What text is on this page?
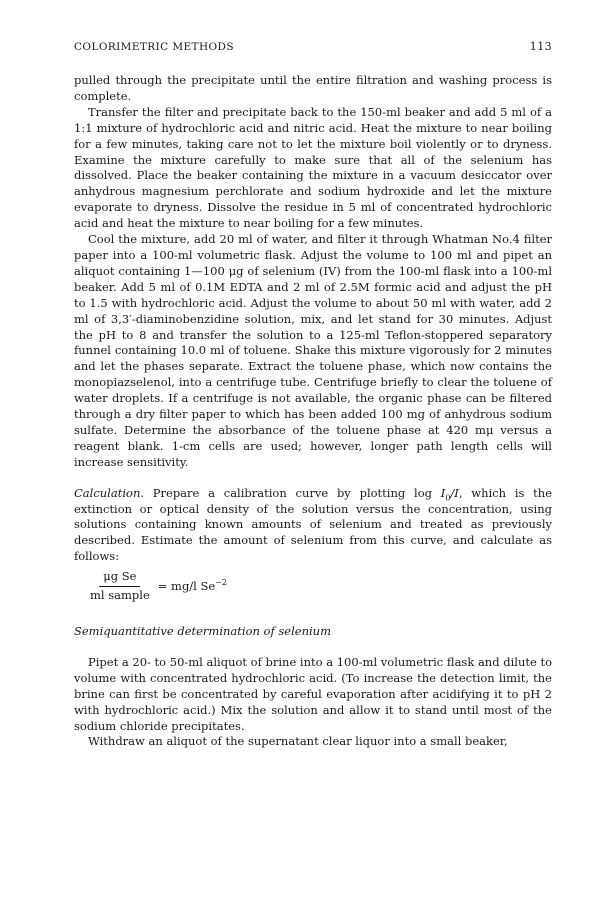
COLORIMETRIC METHODS	113

pulled through the precipitate until the entire filtration and washing process is complete.

Transfer the filter and precipitate back to the 150-ml beaker and add 5 ml of a 1:1 mixture of hydrochloric acid and nitric acid. Heat the mixture to near boiling for a few minutes, taking care not to let the mixture boil violently or to dryness. Examine the mixture carefully to make sure that all of the selenium has dissolved. Place the beaker containing the mixture in a vacuum desiccator over anhydrous magnesium perchlorate and sodium hydroxide and let the mixture evaporate to dryness. Dissolve the residue in 5 ml of concentrated hydrochloric acid and heat the mixture to near boiling for a few minutes.

Cool the mixture, add 20 ml of water, and filter it through Whatman No.4 filter paper into a 100-ml volumetric flask. Adjust the volume to 100 ml and pipet an aliquot containing 1—100 μg of selenium (IV) from the 100-ml flask into a 100-ml beaker. Add 5 ml of 0.1M EDTA and 2 ml of 2.5M formic acid and adjust the pH to 1.5 with hydrochloric acid. Adjust the volume to about 50 ml with water, add 2 ml of 3,3′-diaminobenzidine solution, mix, and let stand for 30 minutes. Adjust the pH to 8 and transfer the solution to a 125-ml Teflon-stoppered separatory funnel containing 10.0 ml of toluene. Shake this mixture vigorously for 2 minutes and let the phases separate. Extract the toluene phase, which now contains the monopiazselenol, into a centrifuge tube. Centrifuge briefly to clear the toluene of water droplets. If a centrifuge is not available, the organic phase can be filtered through a dry filter paper to which has been added 100 mg of anhydrous sodium sulfate. Determine the absorbance of the toluene phase at 420 mμ versus a reagent blank. 1-cm cells are used; however, longer path length cells will increase sensitivity.

Calculation. Prepare a calibration curve by plotting $\log I_0/I$, which is the extinction or optical density of the solution versus the concentration, using solutions containing known amounts of selenium and treated as previously described. Estimate the amount of selenium from this curve, and calculate as follows:

$\frac{\text{μg Se}}{\text{ml sample}} = mg/l$ $Se^{-2}$

Semiquantitative determination of selenium

Pipet a 20- to 50-ml aliquot of brine into a 100-ml volumetric flask and dilute to volume with concentrated hydrochloric acid. (To increase the detection limit, the brine can first be concentrated by careful evaporation after acidifying it to pH 2 with hydrochloric acid.) Mix the solution and allow it to stand until most of the sodium chloride precipitates.

Withdraw an aliquot of the supernatant clear liquor into a small beaker,
